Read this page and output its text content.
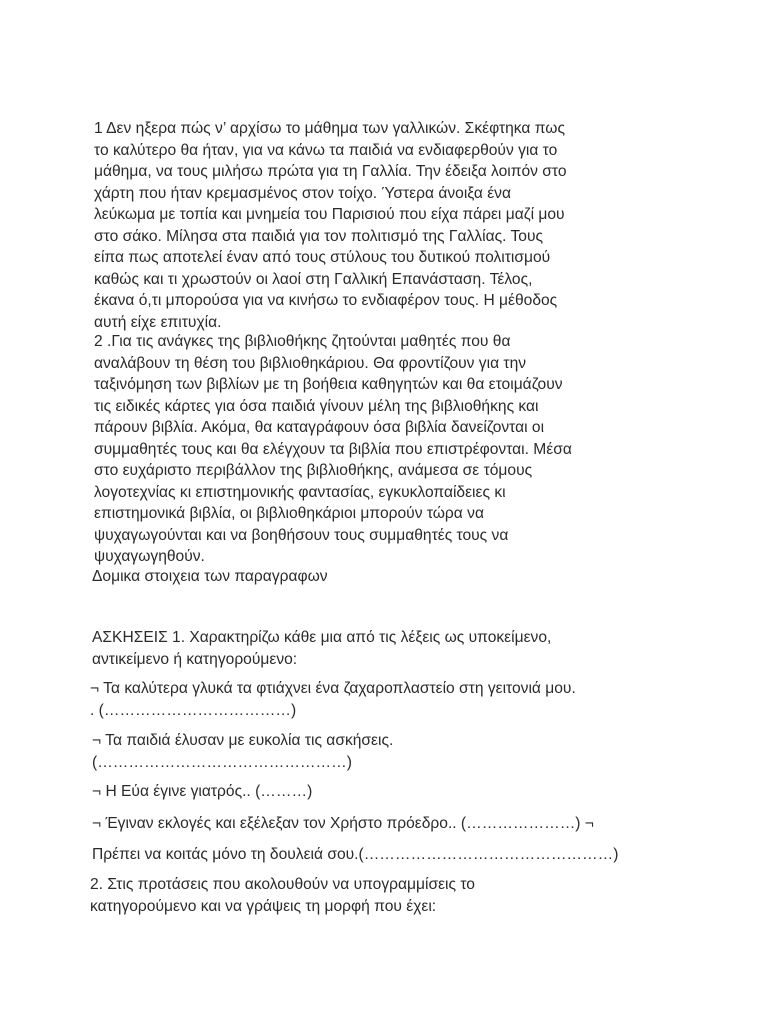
1 Δεν ηξερα πώς ν’ αρχίσω το μάθημα των γαλλικών. Σκέφτηκα πως
το καλύτερο θα ήταν, για να κάνω τα παιδιά να ενδιαφερθούν για το
μάθημα, να τους μιλήσω πρώτα για τη Γαλλία. Την έδειξα λοιπόν στο
χάρτη που ήταν κρεμασμένος στον τοίχο. Ύστερα άνοιξα ένα
λεύκωμα με τοπία και μνημεία του Παρισιού που είχα πάρει μαζί μου
στο σάκο. Μίλησα στα παιδιά για τον πολιτισμό της Γαλλίας. Τους
είπα πως αποτελεί έναν από τους στύλους του δυτικού πολιτισμού
καθώς και τι χρωστούν οι λαοί στη Γαλλική Επανάσταση. Τέλος,
έκανα ό,τι μπορούσα για να κινήσω το ενδιαφέρον τους. Η μέθοδος
αυτή είχε επιτυχία.
2 .Για τις ανάγκες της βιβλιοθήκης ζητούνται μαθητές που θα
αναλάβουν τη θέση του βιβλιοθηκάριου. Θα φροντίζουν για την
ταξινόμηση των βιβλίων με τη βοήθεια καθηγητών και θα ετοιμάζουν
τις ειδικές κάρτες για όσα παιδιά γίνουν μέλη της βιβλιοθήκης και
πάρουν βιβλία. Ακόμα, θα καταγράφουν όσα βιβλία δανείζονται οι
συμμαθητές τους και θα ελέγχουν τα βιβλία που επιστρέφονται. Μέσα
στο ευχάριστο περιβάλλον της βιβλιοθήκης, ανάμεσα σε τόμους
λογοτεχνίας κι επιστημονικής φαντασίας, εγκυκλοπαίδειες κι
επιστημονικά βιβλία, οι βιβλιοθηκάριοι μπορούν τώρα να
ψυχαγωγούνται και να βοηθήσουν τους συμμαθητές τους να
ψυχαγωγηθούν.
Δομικα στοιχεια των παραγραφων
ΑΣΚΗΣΕΙΣ 1. Χαρακτηρίζω κάθε μια από τις λέξεις ως υποκείμενο,
αντικείμενο ή κατηγορούμενο:
¬ Τα καλύτερα γλυκά τα φτιάχνει ένα ζαχαροπλαστείο στη γειτονιά μου.
. (………………………………)
¬ Τα παιδιά έλυσαν με ευκολία τις ασκήσεις.
(…………………………………………)
¬ Η Εύα έγινε γιατρός.. (………)
¬ Έγιναν εκλογές και εξέλεξαν τον Χρήστο πρόεδρο.. (…………………) ¬
Πρέπει να κοιτάς μόνο τη δουλειά σου.(…………………………………………)
2. Στις προτάσεις που ακολουθούν να υπογραμμίσεις το
κατηγορούμενο και να γράψεις τη μορφή που έχει:
